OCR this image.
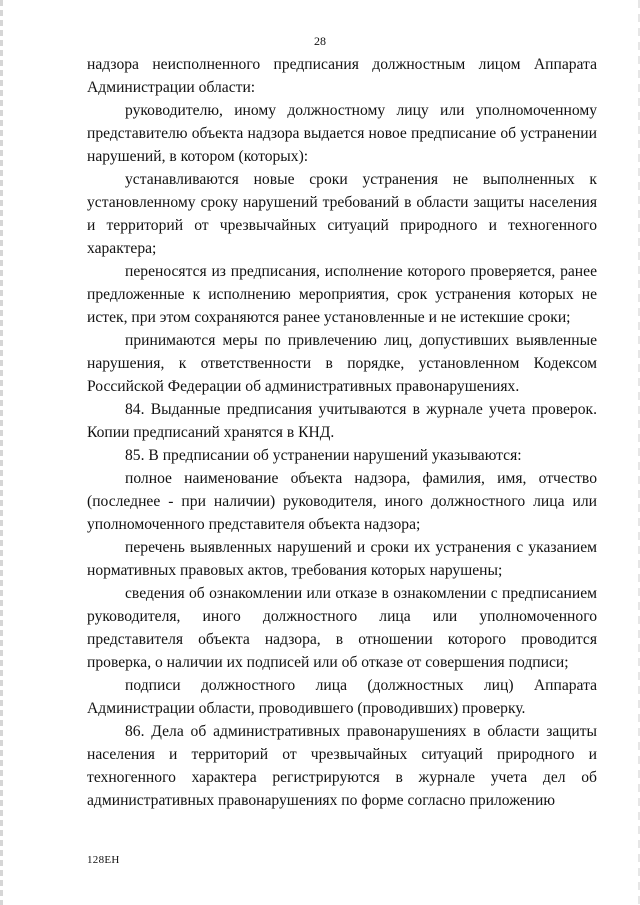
28

надзора неисполненного предписания должностным лицом Аппарата Администрации области:

руководителю, иному должностному лицу или уполномоченному представителю объекта надзора выдается новое предписание об устранении нарушений, в котором (которых):

устанавливаются новые сроки устранения не выполненных к установленному сроку нарушений требований в области защиты населения и территорий от чрезвычайных ситуаций природного и техногенного характера;

переносятся из предписания, исполнение которого проверяется, ранее предложенные к исполнению мероприятия, срок устранения которых не истек, при этом сохраняются ранее установленные и не истекшие сроки;

принимаются меры по привлечению лиц, допустивших выявленные нарушения, к ответственности в порядке, установленном Кодексом Российской Федерации об административных правонарушениях.

84. Выданные предписания учитываются в журнале учета проверок. Копии предписаний хранятся в КНД.

85. В предписании об устранении нарушений указываются:

полное наименование объекта надзора, фамилия, имя, отчество (последнее - при наличии) руководителя, иного должностного лица или уполномоченного представителя объекта надзора;

перечень выявленных нарушений и сроки их устранения с указанием нормативных правовых актов, требования которых нарушены;

сведения об ознакомлении или отказе в ознакомлении с предписанием руководителя, иного должностного лица или уполномоченного представителя объекта надзора, в отношении которого проводится проверка, о наличии их подписей или об отказе от совершения подписи;

подписи должностного лица (должностных лиц) Аппарата Администрации области, проводившего (проводивших) проверку.

86. Дела об административных правонарушениях в области защиты населения и территорий от чрезвычайных ситуаций природного и техногенного характера регистрируются в журнале учета дел об административных правонарушениях по форме согласно приложению

128ЕН
